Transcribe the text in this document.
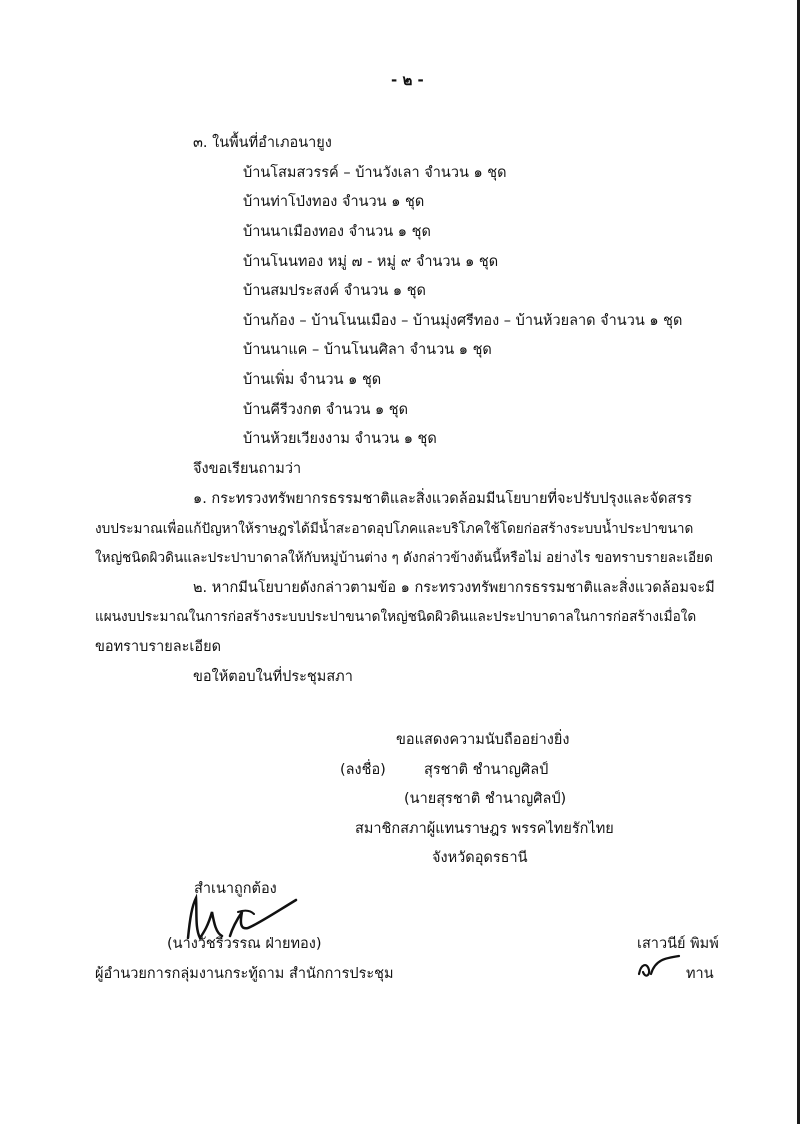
- ๒ -
๓. ในพื้นที่อำเภอนายูง
บ้านโสมสวรรค์ – บ้านวังเลา จำนวน ๑ ชุด
บ้านท่าโป่งทอง จำนวน ๑ ชุด
บ้านนาเมืองทอง จำนวน ๑ ชุด
บ้านโนนทอง หมู่ ๗ - หมู่ ๙ จำนวน ๑ ชุด
บ้านสมประสงค์ จำนวน ๑ ชุด
บ้านก้อง – บ้านโนนเมือง – บ้านมุ่งศรีทอง – บ้านห้วยลาด จำนวน ๑ ชุด
บ้านนาแค – บ้านโนนศิลา จำนวน ๑ ชุด
บ้านเพิ่ม จำนวน ๑ ชุด
บ้านคีรีวงกต จำนวน ๑ ชุด
บ้านห้วยเวียงงาม จำนวน ๑ ชุด
จึงขอเรียนถามว่า
๑. กระทรวงทรัพยากรธรรมชาติและสิ่งแวดล้อมมีนโยบายที่จะปรับปรุงและจัดสรร
งบประมาณเพื่อแก้ปัญหาให้ราษฎรได้มีน้ำสะอาดอุปโภคและบริโภคใช้โดยก่อสร้างระบบน้ำประปาขนาด
ใหญ่ชนิดผิวดินและประปาบาดาลให้กับหมู่บ้านต่าง ๆ ดังกล่าวข้างต้นนี้หรือไม่ อย่างไร ขอทราบรายละเอียด
๒. หากมีนโยบายดังกล่าวตามข้อ ๑ กระทรวงทรัพยากรธรรมชาติและสิ่งแวดล้อมจะมี
แผนงบประมาณในการก่อสร้างระบบประปาขนาดใหญ่ชนิดผิวดินและประปาบาดาลในการก่อสร้างเมื่อใด
ขอทราบรายละเอียด
ขอให้ตอบในที่ประชุมสภา
ขอแสดงความนับถืออย่างยิ่ง
(ลงชื่อ)	สุรชาติ ชำนาญศิลป์
(นายสุรชาติ ชำนาญศิลป์)
สมาชิกสภาผู้แทนราษฎร พรรคไทยรักไทย
จังหวัดอุดรธานี
สำเนาถูกต้อง
(นางวัชรีวรรณ ฝ่ายทอง)
ผู้อำนวยการกลุ่มงานกระทู้ถาม สำนักการประชุม
เสาวนีย์ พิมพ์
ทาน
